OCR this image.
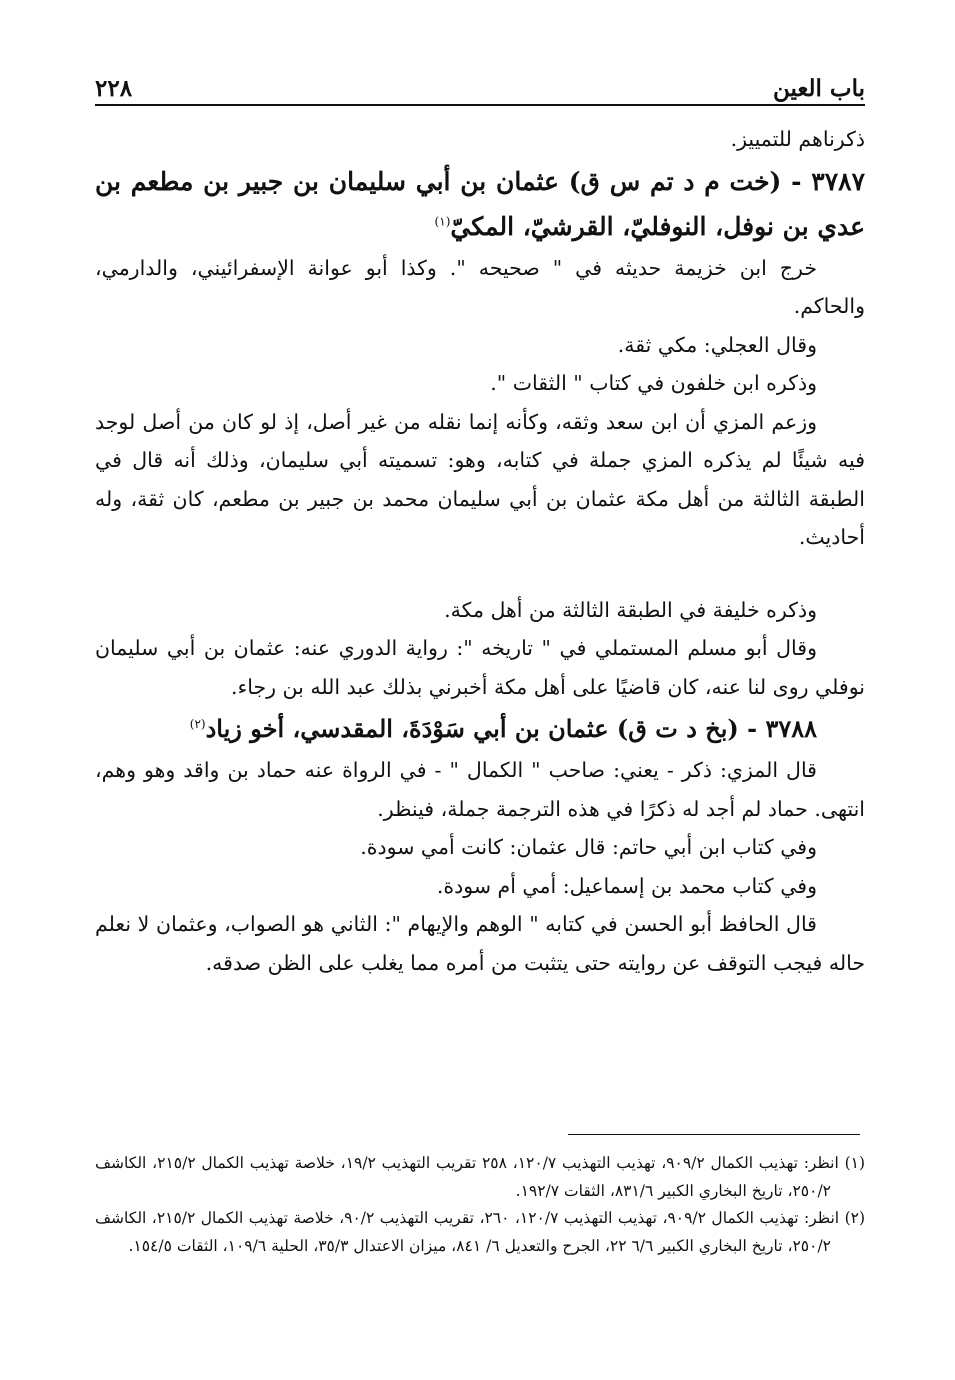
باب العين
٢٢٨

ذكرناهم للتمييز.

٣٧٨٧ - (خت م د تم س ق) عثمان بن أبي سليمان بن جبير بن مطعم بن عدي بن نوفل، النوفليّ، القرشيّ، المكيّ$^{(١)}$

خرج ابن خزيمة حديثه في " صحيحه ". وكذا أبو عوانة الإسفرائيني، والدارمي، والحاكم.

وقال العجلي: مكي ثقة.

وذكره ابن خلفون في كتاب " الثقات ".

وزعم المزي أن ابن سعد وثقه، وكأنه إنما نقله من غير أصل، إذ لو كان من أصل لوجد فيه شيئًا لم يذكره المزي جملة في كتابه، وهو: تسميته أبي سليمان، وذلك أنه قال في الطبقة الثالثة من أهل مكة عثمان بن أبي سليمان محمد بن جبير بن مطعم، كان ثقة، وله أحاديث.

وذكره خليفة في الطبقة الثالثة من أهل مكة.

وقال أبو مسلم المستملي في " تاريخه ": رواية الدوري عنه: عثمان بن أبي سليمان نوفلي روى لنا عنه، كان قاضيًا على أهل مكة أخبرني بذلك عبد الله بن رجاء.

٣٧٨٨ - (بخ د ت ق) عثمان بن أبي سَوْدَةَ، المقدسي، أخو زياد$^{(٢)}$

قال المزي: ذكر - يعني: صاحب " الكمال " - في الرواة عنه حماد بن واقد وهو وهم، انتهى. حماد لم أجد له ذكرًا في هذه الترجمة جملة، فينظر.

وفي كتاب ابن أبي حاتم: قال عثمان: كانت أمي سودة.

وفي كتاب محمد بن إسماعيل: أمي أم سودة.

قال الحافظ أبو الحسن في كتابه " الوهم والإيهام ": الثاني هو الصواب، وعثمان لا نعلم حاله فيجب التوقف عن روايته حتى يتثبت من أمره مما يغلب على الظن صدقه.

(١) انظر: تهذيب الكمال ٩٠٩/٢، تهذيب التهذيب ١٢٠/٧، ٢٥٨ تقريب التهذيب ١٩/٢، خلاصة تهذيب الكمال ٢١٥/٢، الكاشف ٢٥٠/٢، تاريخ البخاري الكبير ٨٣١/٦، الثقات ١٩٢/٧.

(٢) انظر: تهذيب الكمال ٩٠٩/٢، تهذيب التهذيب ١٢٠/٧، ٢٦٠، تقريب التهذيب ٩٠/٢، خلاصة تهذيب الكمال ٢١٥/٢، الكاشف ٢٥٠/٢، تاريخ البخاري الكبير ٦/٦ ٢٢، الجرح والتعديل ٦/ ٨٤١، ميزان الاعتدال ٣٥/٣، الحلية ١٠٩/٦، الثقات ١٥٤/٥.
